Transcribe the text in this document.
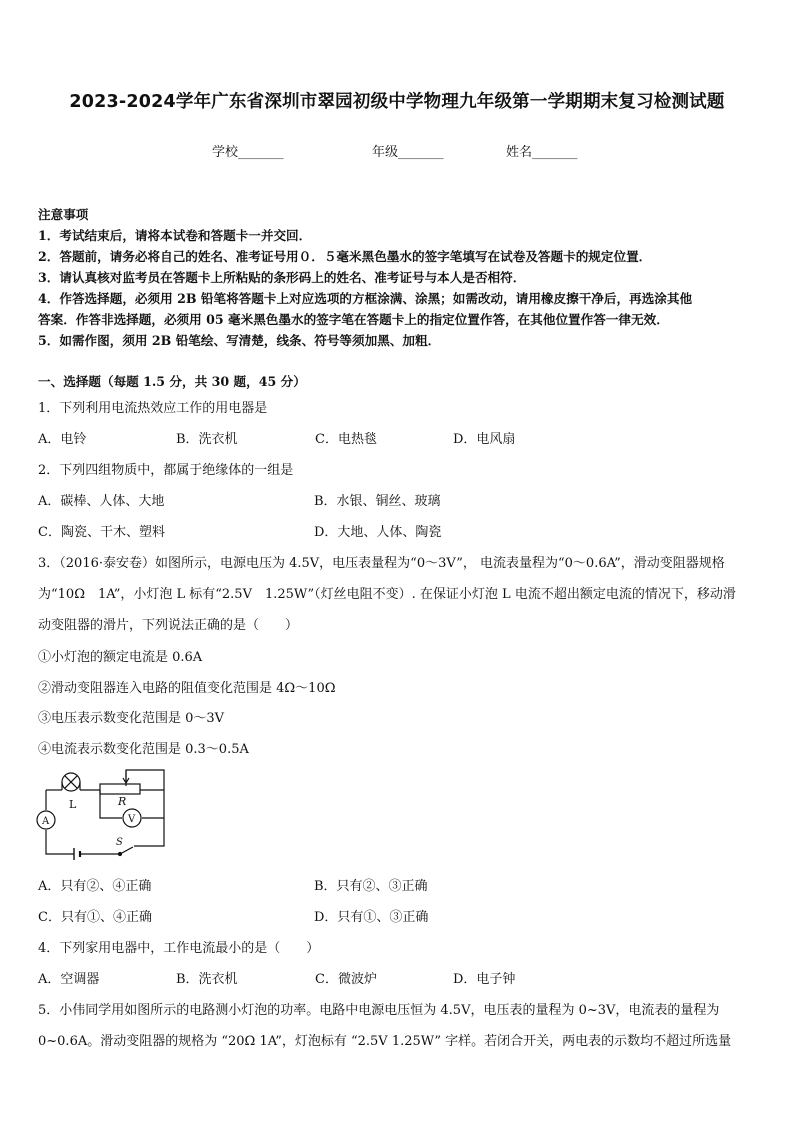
2023-2024学年广东省深圳市翠园初级中学物理九年级第一学期期末复习检测试题
学校_______	年级_______	姓名_______
注意事项
1．考试结束后，请将本试卷和答题卡一并交回．
2．答题前，请务必将自己的姓名、准考证号用０．５毫米黑色墨水的签字笔填写在试卷及答题卡的规定位置．
3．请认真核对监考员在答题卡上所粘贴的条形码上的姓名、准考证号与本人是否相符．
4．作答选择题，必须用 2B 铅笔将答题卡上对应选项的方框涂满、涂黑；如需改动，请用橡皮擦干净后，再选涂其他
答案．作答非选择题，必须用 05 毫米黑色墨水的签字笔在答题卡上的指定位置作答，在其他位置作答一律无效．
5．如需作图，须用 2B 铅笔绘、写清楚，线条、符号等须加黑、加粗．
一、选择题（每题 1.5 分，共 30 题，45 分）
1．下列利用电流热效应工作的用电器是
A．电铃	B．洗衣机	C．电热毯	D．电风扇
2．下列四组物质中，都属于绝缘体的一组是
A．碳棒、人体、大地	B．水银、铜丝、玻璃
C．陶瓷、干木、塑料	D．大地、人体、陶瓷
3．（2016·泰安卷）如图所示，电源电压为 4.5V，电压表量程为“0～3V”， 电流表量程为“0～0.6A”，滑动变阻器规格
为“10Ω　1A”，小灯泡 L 标有“2.5V　1.25W”（灯丝电阻不变）. 在保证小灯泡 L 电流不超出额定电流的情况下，移动滑
动变阻器的滑片，下列说法正确的是（　　）
①小灯泡的额定电流是 0.6A
②滑动变阻器连入电路的阻值变化范围是 4Ω～10Ω
③电压表示数变化范围是 0～3V
④电流表示数变化范围是 0.3～0.5A
L	R
V
A
S
A．只有②、④正确	B．只有②、③正确
C．只有①、④正确	D．只有①、③正确
4．下列家用电器中，工作电流最小的是（　　）
A．空调器	B．洗衣机	C．微波炉	D．电子钟
5．小伟同学用如图所示的电路测小灯泡的功率。电路中电源电压恒为 4.5V，电压表的量程为 0~3V，电流表的量程为
0~0.6A。滑动变阻器的规格为 “20Ω 1A”，灯泡标有 “2.5V 1.25W” 字样。若闭合开关，两电表的示数均不超过所选量
